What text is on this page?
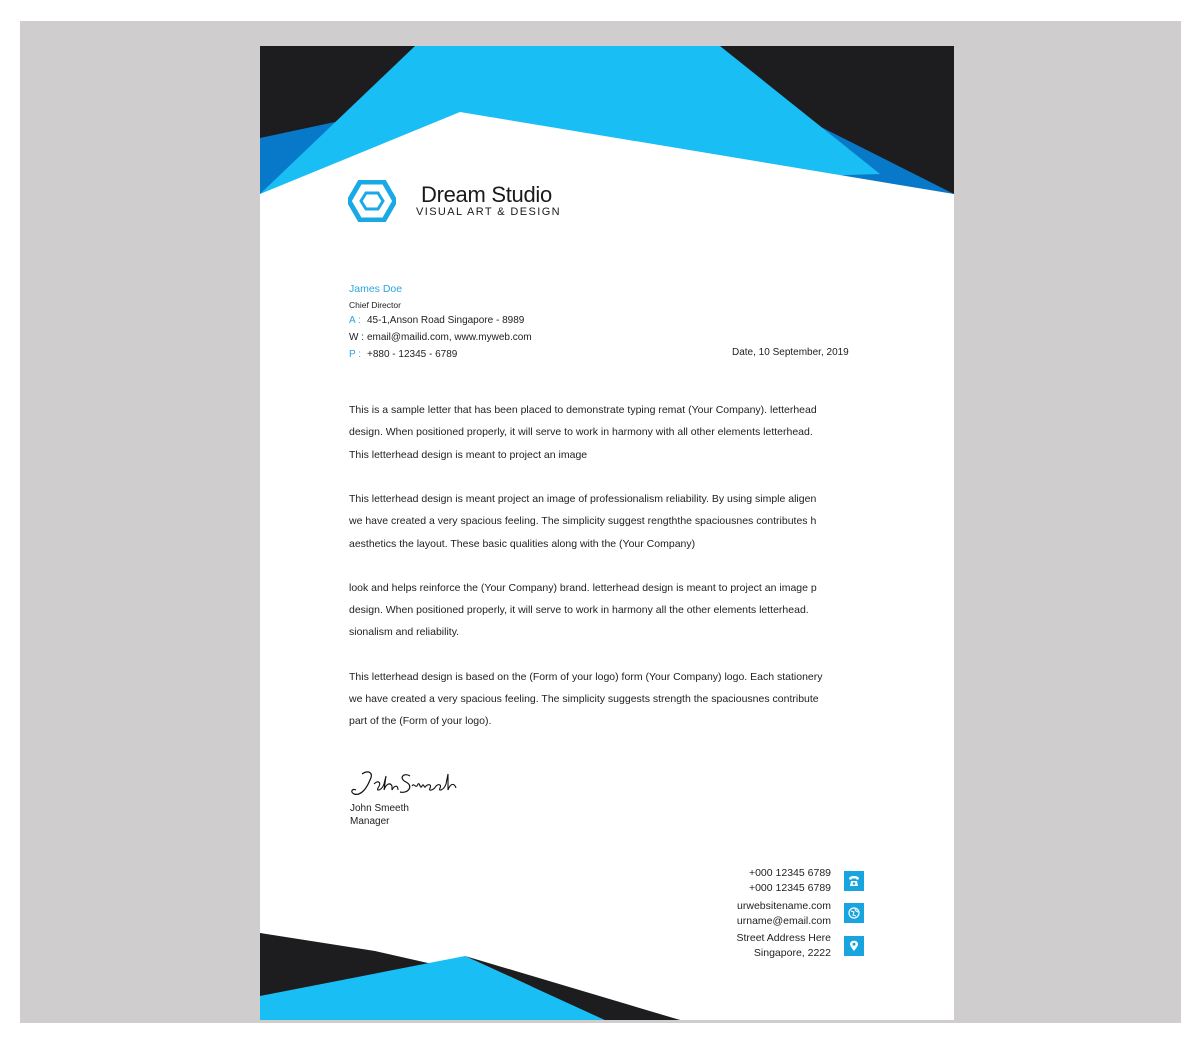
Dream Studio
VISUAL ART & DESIGN
James Doe
Chief Director
A : 45-1,Anson Road Singapore - 8989
W : email@mailid.com, www.myweb.com
P : +880 - 12345 - 6789	Date, 10 September, 2019
This is a sample letter that has been placed to demonstrate typing remat (Your Company). letterhead
design. When positioned properly, it will serve to work in harmony with all other elements letterhead.
This letterhead design is meant to project an image
This letterhead design is meant project an image of professionalism reliability. By using simple aligen
we have created a very spacious feeling. The simplicity suggest rengththe spaciousnes contributes h
aesthetics the layout. These basic qualities along with the (Your Company)
look and helps reinforce the (Your Company) brand. letterhead design is meant to project an image p
design. When positioned properly, it will serve to work in harmony all the other elements letterhead.
sionalism and reliability.
This letterhead design is based on the (Form of your logo) form (Your Company) logo. Each stationery
we have created a very spacious feeling. The simplicity suggests strength the spaciousnes contribute
part of the (Form of your logo).
John Smeeth
Manager
+000 12345 6789
+000 12345 6789
urwebsitename.com
urname@email.com
Street Address Here
Singapore, 2222
